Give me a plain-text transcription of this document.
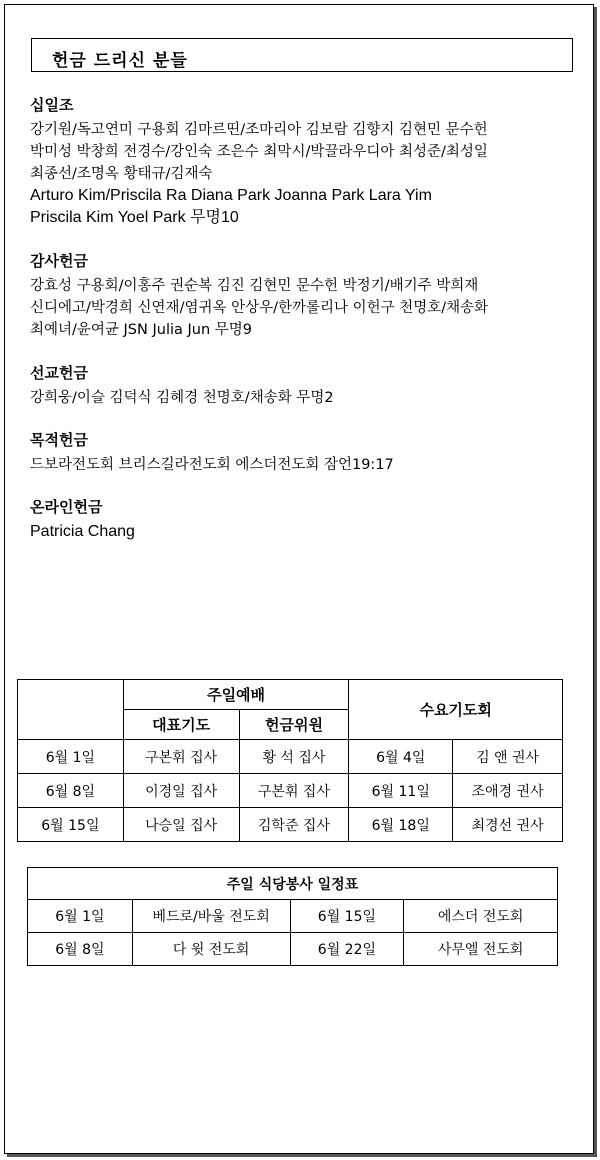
헌금 드리신 분들
십일조
강기원/독고연미 구용회 김마르띤/조마리아 김보람 김향지 김현민 문수헌
박미성 박창희 전경수/강인숙 조은수 최막시/박끌라우디아 최성준/최성일
최종선/조명옥 황태규/김재숙
Arturo Kim/Priscila Ra Diana Park Joanna Park Lara Yim
Priscila Kim Yoel Park 무명10
감사헌금
강효성 구용회/이홍주 권순복 김진 김현민 문수헌 박정기/배기주 박희재
신디에고/박경희 신연재/염귀옥 안상우/한까롤리나 이헌구 천명호/채송화
최예녀/윤여균 JSN Julia Jun 무명9
선교헌금
강희웅/이슬 김덕식 김혜경 천명호/채송화 무명2
목적헌금
드보라전도회 브리스길라전도회 에스더전도회 잠언19:17
온라인헌금
Patricia Chang
	주일예배		수요기도회	
	대표기도	헌금위원		
6월 1일	구본휘 집사	황 석 집사	6월 4일	김 앤 권사
6월 8일	이경일 집사	구본휘 집사	6월 11일	조애경 권사
6월 15일	나승일 집사	김학준 집사	6월 18일	최경선 권사
주일 식당봉사 일정표			
6월 1일	베드로/바울 전도회	6월 15일	에스더 전도회
6월 8일	다 윗 전도회	6월 22일	사무엘 전도회
